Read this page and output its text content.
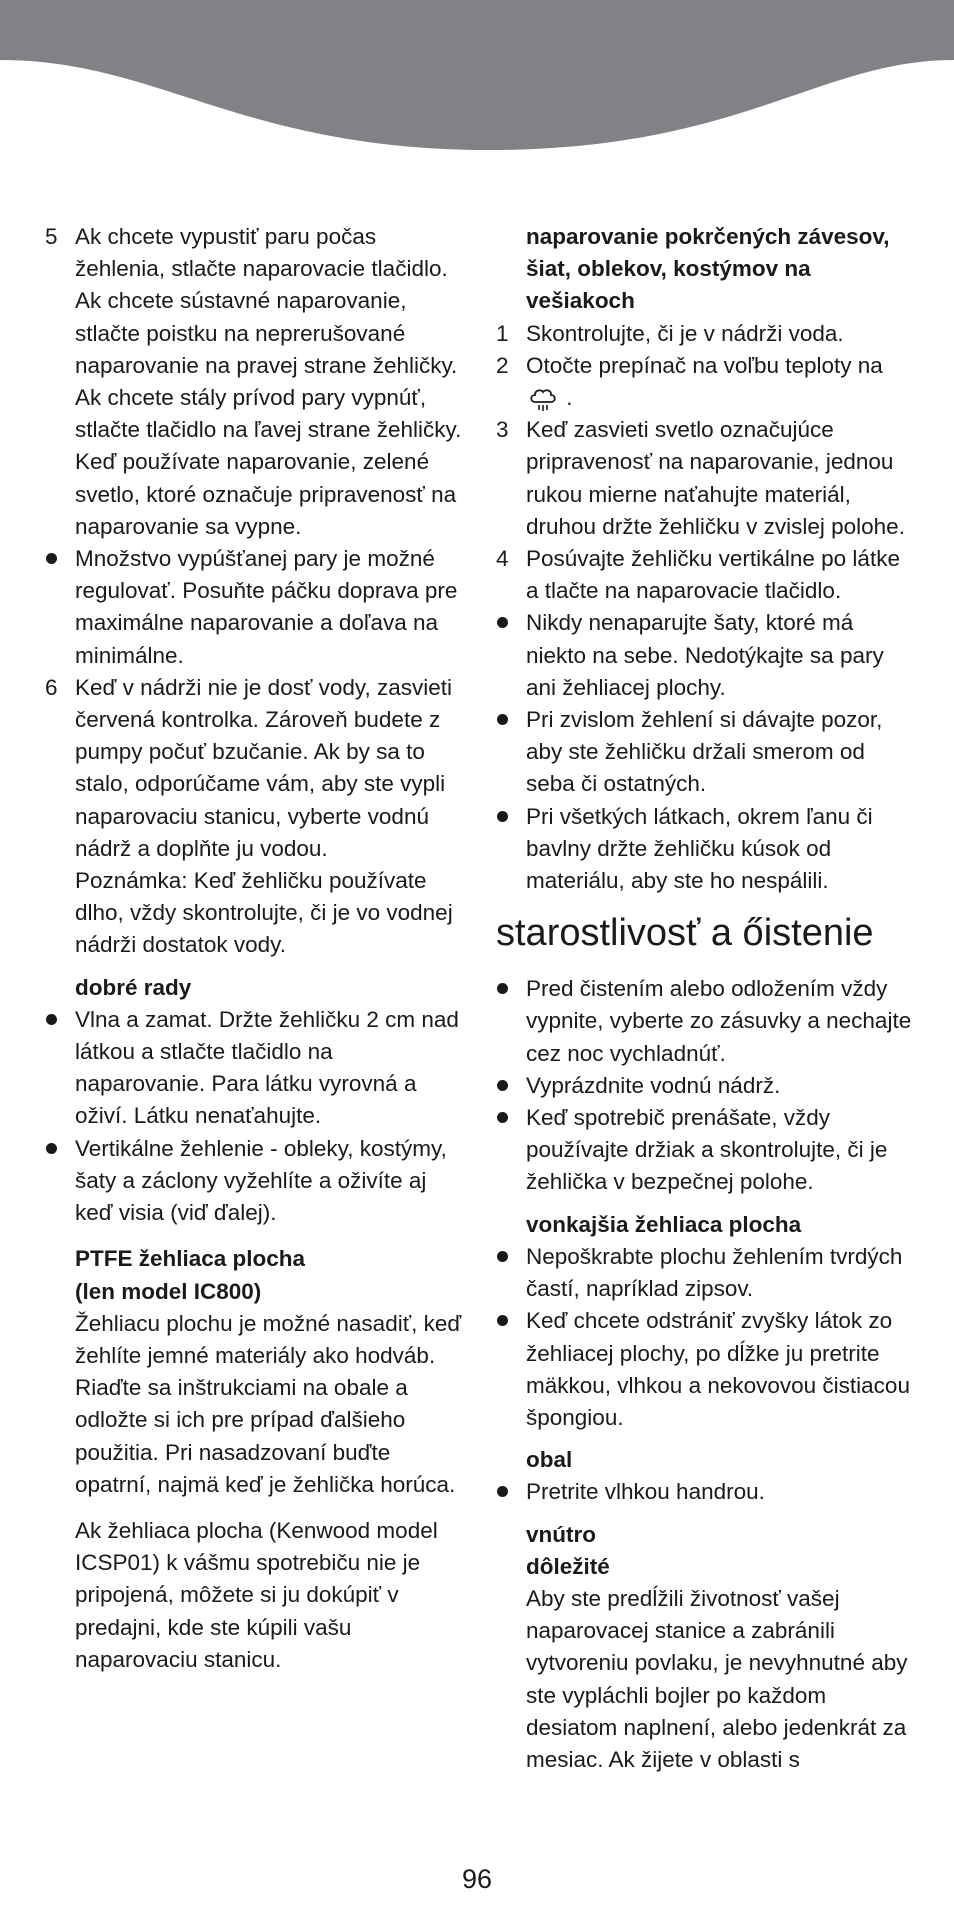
5 Ak chcete vypustiť paru počas žehlenia, stlačte naparovacie tlačidlo. Ak chcete sústavné naparovanie, stlačte poistku na neprerušované naparovanie na pravej strane žehličky. Ak chcete stály prívod pary vypnúť, stlačte tlačidlo na ľavej strane žehličky. Keď používate naparovanie, zelené svetlo, ktoré označuje pripravenosť na naparovanie sa vypne.
Množstvo vypúšťanej pary je možné regulovať. Posuňte páčku doprava pre maximálne naparovanie a doľava na minimálne.
6 Keď v nádrži nie je dosť vody, zasvieti červená kontrolka. Zároveň budete z pumpy počuť bzučanie. Ak by sa to stalo, odporúčame vám, aby ste vypli naparovaciu stanicu, vyberte vodnú nádrž a doplňte ju vodou.
Poznámka: Keď žehličku používate dlho, vždy skontrolujte, či je vo vodnej nádrži dostatok vody.
dobré rady
Vlna a zamat. Držte žehličku 2 cm nad látkou a stlačte tlačidlo na naparovanie. Para látku vyrovná a oživí. Látku nenaťahujte.
Vertikálne žehlenie - obleky, kostýmy, šaty a záclony vyžehlíte a oživíte aj keď visia (viď ďalej).
PTFE žehliaca plocha
(len model IC800)
Žehliacu plochu je možné nasadiť, keď žehlíte jemné materiály ako hodváb. Riaďte sa inštrukciami na obale a odložte si ich pre prípad ďalšieho použitia. Pri nasadzovaní buďte opatrní, najmä keď je žehlička horúca.
Ak žehliaca plocha (Kenwood model ICSP01) k vášmu spotrebiču nie je pripojená, môžete si ju dokúpiť v predajni, kde ste kúpili vašu naparovaciu stanicu.
naparovanie pokrčených závesov, šiat, oblekov, kostýmov na vešiakoch
1 Skontrolujte, či je v nádrži voda.
2 Otočte prepínač na voľbu teploty na
.
3 Keď zasvieti svetlo označujúce pripravenosť na naparovanie, jednou rukou mierne naťahujte materiál, druhou držte žehličku v zvislej polohe.
4 Posúvajte žehličku vertikálne po látke a tlačte na naparovacie tlačidlo.
Nikdy nenaparujte šaty, ktoré má niekto na sebe. Nedotýkajte sa pary ani žehliacej plochy.
Pri zvislom žehlení si dávajte pozor, aby ste žehličku držali smerom od seba či ostatných.
Pri všetkých látkach, okrem ľanu či bavlny držte žehličku kúsok od materiálu, aby ste ho nespálili.
starostlivosť a őistenie
Pred čistením alebo odložením vždy vypnite, vyberte zo zásuvky a nechajte cez noc vychladnúť.
Vyprázdnite vodnú nádrž.
Keď spotrebič prenášate, vždy používajte držiak a skontrolujte, či je žehlička v bezpečnej polohe.
vonkajšia žehliaca plocha
Nepoškrabte plochu žehlením tvrdých častí, napríklad zipsov.
Keď chcete odstrániť zvyšky látok zo žehliacej plochy, po dĺžke ju pretrite mäkkou, vlhkou a nekovovou čistiacou špongiou.
obal
Pretrite vlhkou handrou.
vnútro
dôležité
Aby ste predĺžili životnosť vašej naparovacej stanice a zabránili vytvoreniu povlaku, je nevyhnutné aby ste vypláchli bojler po každom desiatom naplnení, alebo jedenkrát za mesiac. Ak žijete v oblasti s
96
